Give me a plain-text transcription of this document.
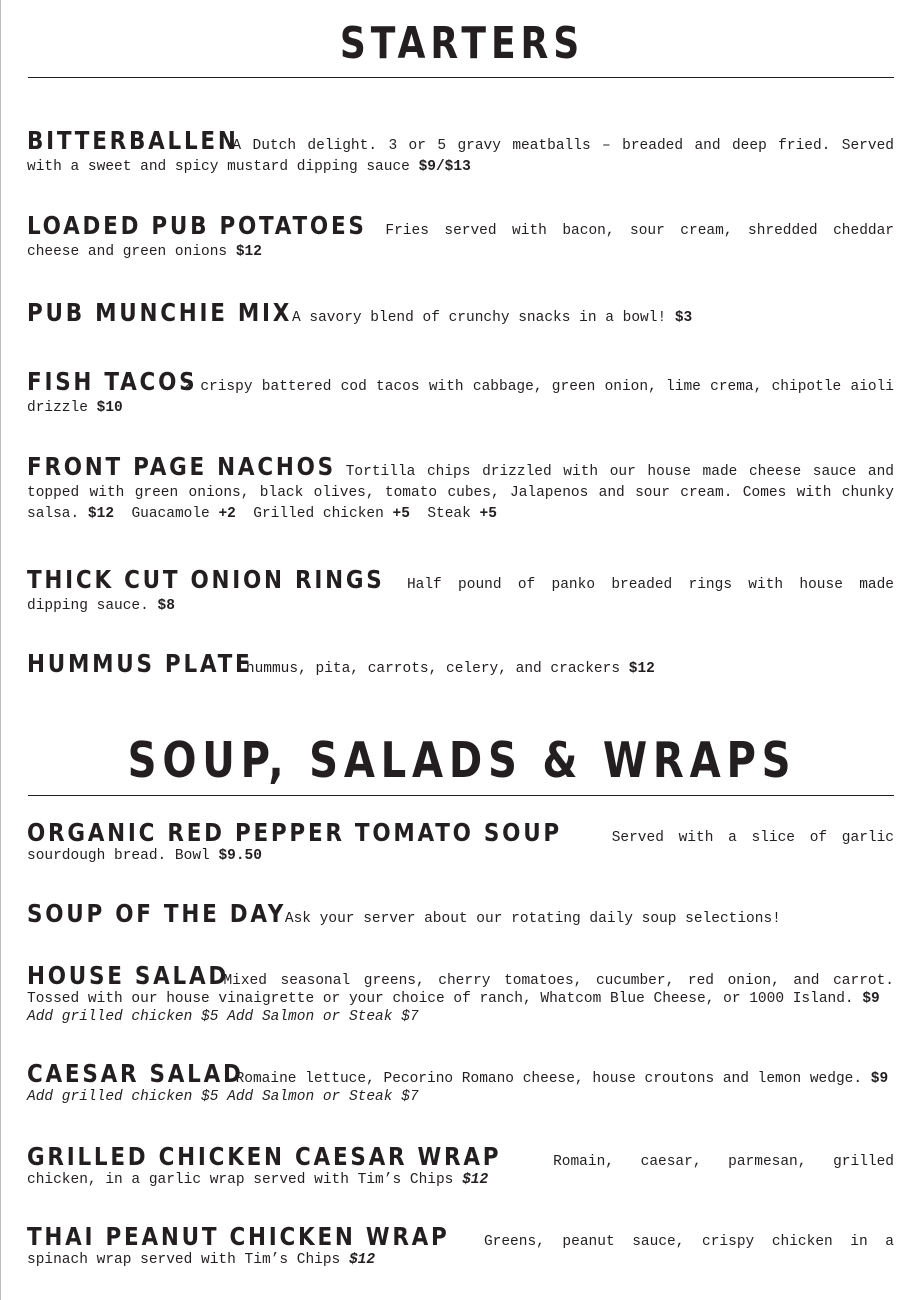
STARTERS

BITTERBALLEN A Dutch delight. 3 or 5 gravy meatballs – breaded and deep fried. Served with a sweet and spicy mustard dipping sauce $9/$13

LOADED PUB POTATOES Fries served with bacon, sour cream, shredded cheddar cheese and green onions $12

PUB MUNCHIE MIX A savory blend of crunchy snacks in a bowl! $3

FISH TACOS 2 crispy battered cod tacos with cabbage, green onion, lime crema, chipotle aioli drizzle $10

FRONT PAGE NACHOS Tortilla chips drizzled with our house made cheese sauce and topped with green onions, black olives, tomato cubes, Jalapenos and sour cream. Comes with chunky salsa. $12 Guacamole +2 Grilled chicken +5 Steak +5

THICK CUT ONION RINGS Half pound of panko breaded rings with house made dipping sauce. $8

HUMMUS PLATE hummus, pita, carrots, celery, and crackers $12

SOUP, SALADS & WRAPS

ORGANIC RED PEPPER TOMATO SOUP	Served with a slice of garlic sourdough bread. Bowl $9.50

SOUP OF THE DAY Ask your server about our rotating daily soup selections!

HOUSE SALAD Mixed seasonal greens, cherry tomatoes, cucumber, red onion, and carrot. Tossed with our house vinaigrette or your choice of ranch, Whatcom Blue Cheese, or 1000 Island. $9
Add grilled chicken $5 Add Salmon or Steak $7

CAESAR SALAD Romaine lettuce, Pecorino Romano cheese, house croutons and lemon wedge. $9
Add grilled chicken $5 Add Salmon or Steak $7

GRILLED CHICKEN CAESAR WRAP	Romain, caesar, parmesan, grilled chicken, in a garlic wrap served with Tim’s Chips $12

THAI PEANUT CHICKEN WRAP Greens, peanut sauce, crispy chicken in a spinach wrap served with Tim’s Chips $12
